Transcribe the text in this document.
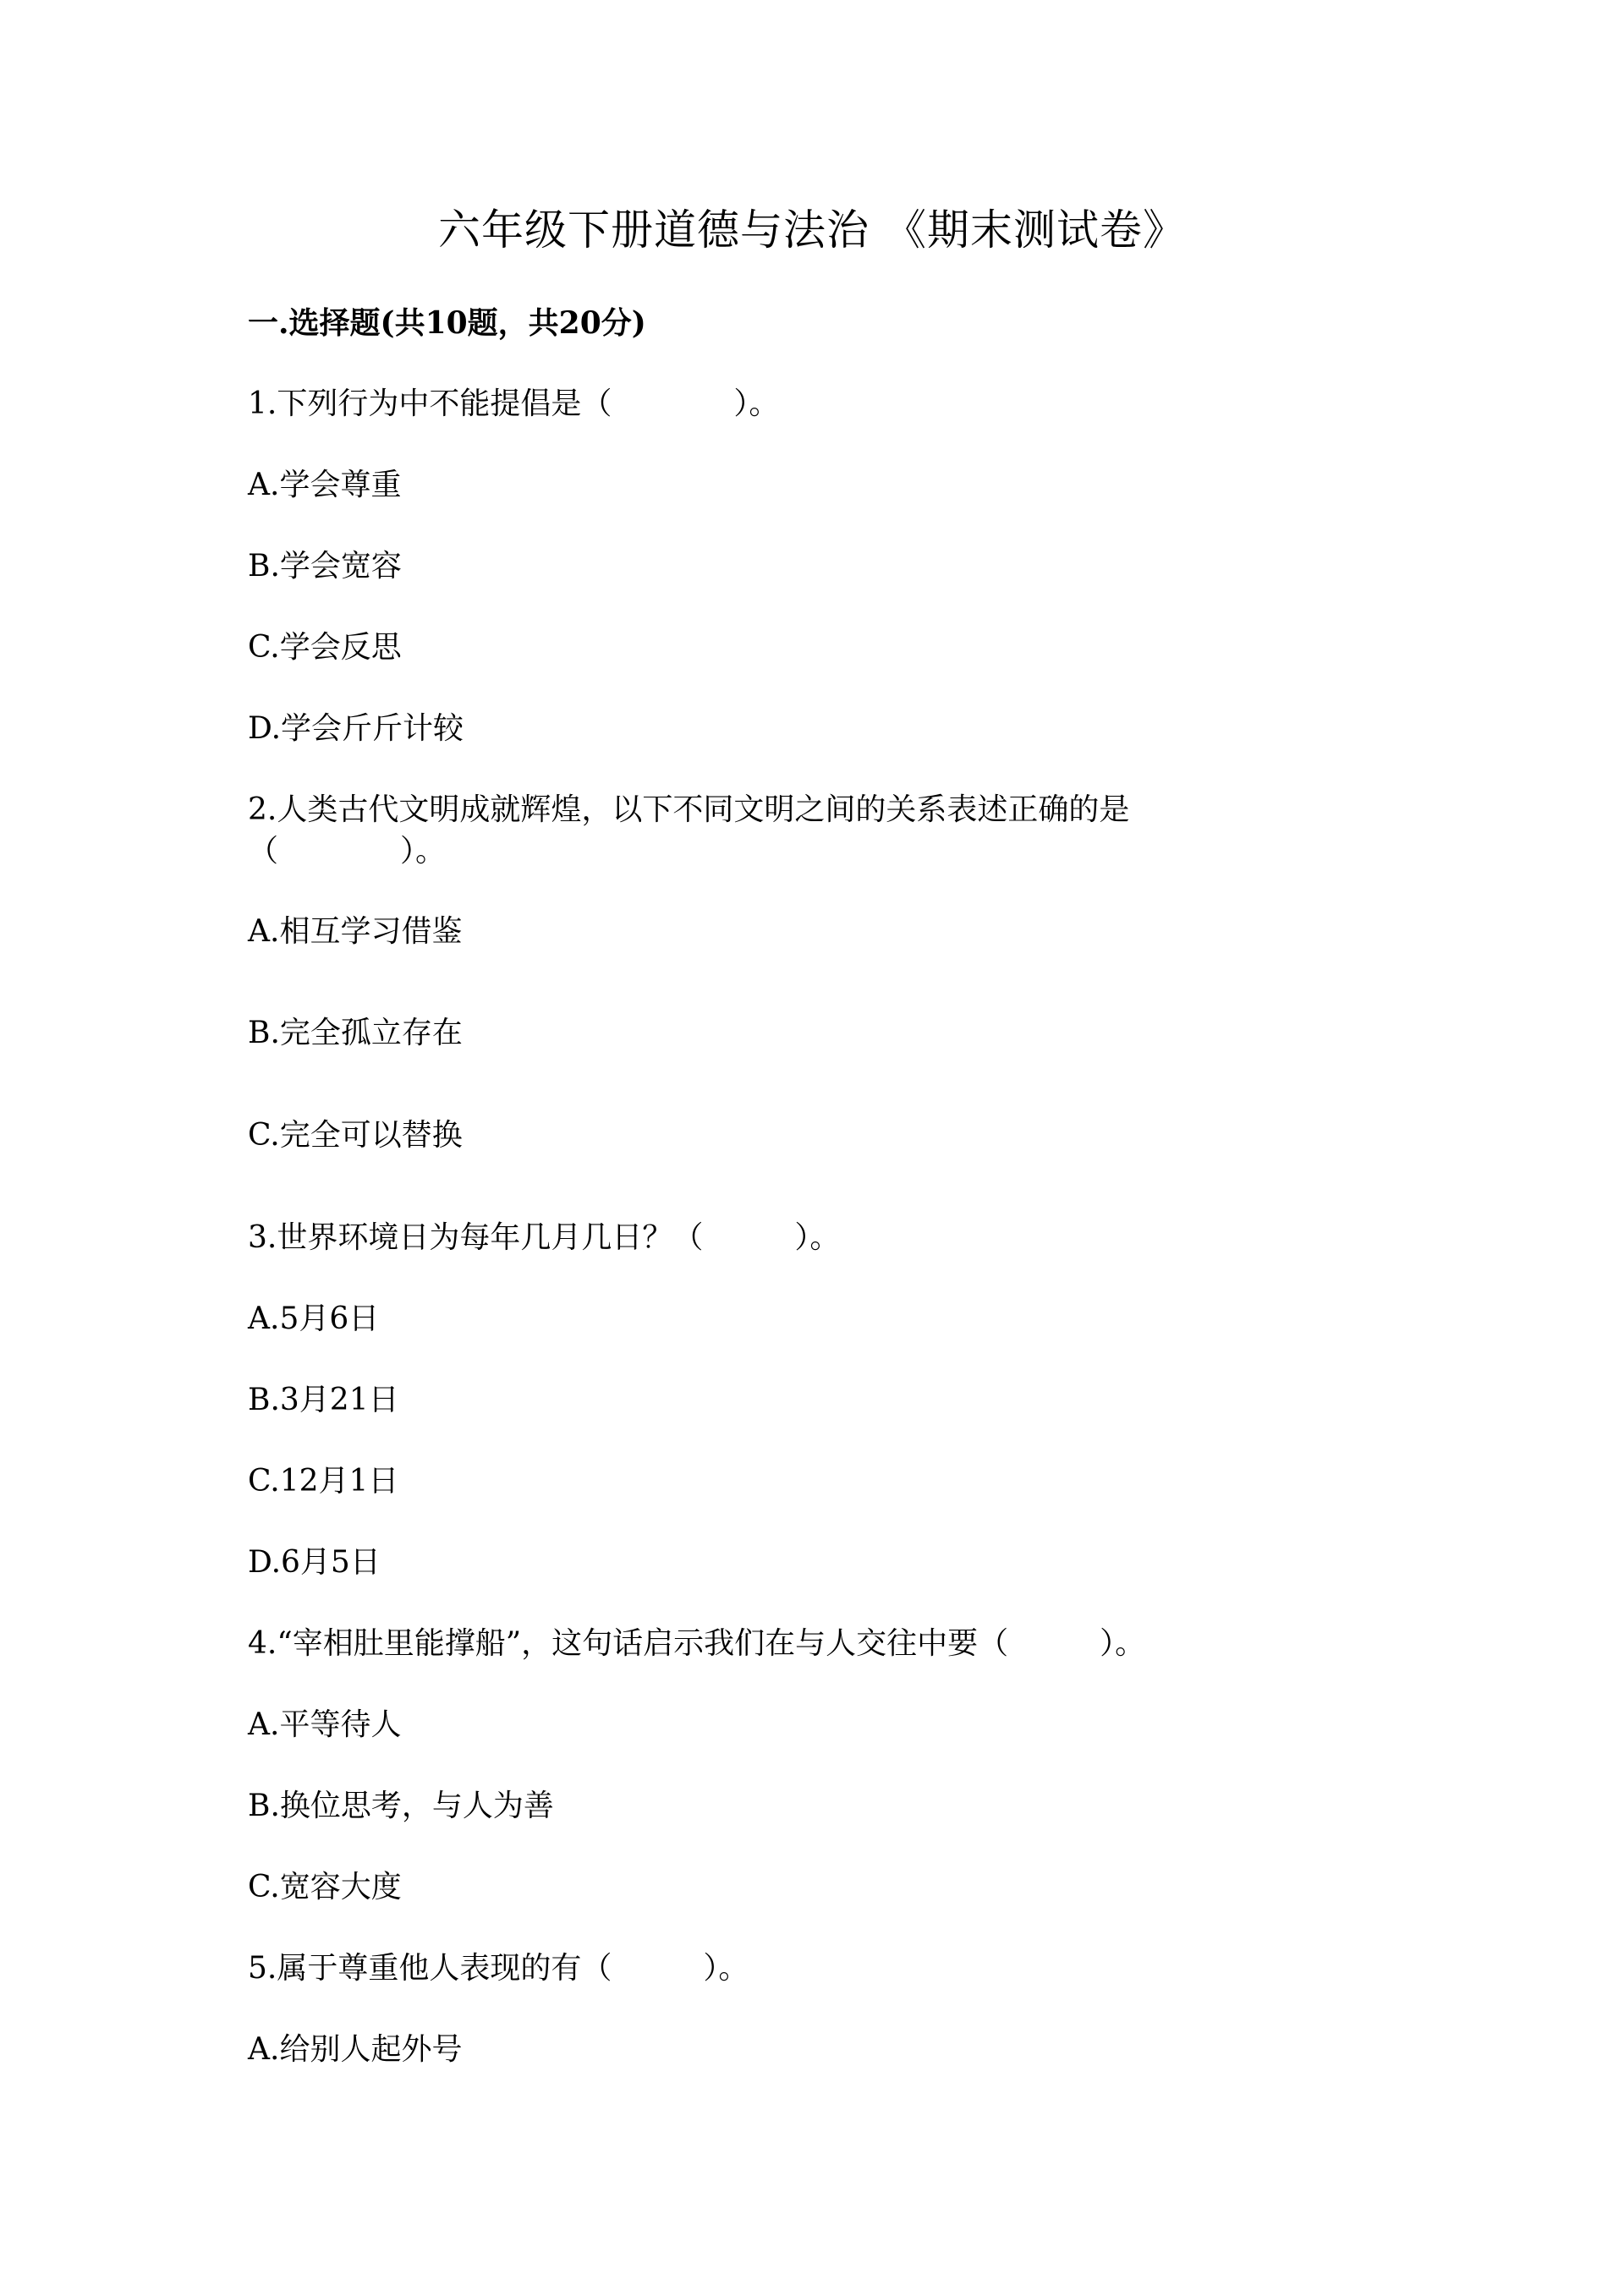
六年级下册道德与法治 《期末测试卷》
一.选择题(共10题，共20分)
1.下列行为中不能提倡是（　　　　）。
A.学会尊重
B.学会宽容
C.学会反思
D.学会斤斤计较
2.人类古代文明成就辉煌，以下不同文明之间的关系表述正确的是
（　　　　）。
A.相互学习借鉴
B.完全孤立存在
C.完全可以替换
3.世界环境日为每年几月几日？（　　　）。
A.5月6日
B.3月21日
C.12月1日
D.6月5日
4.“宰相肚里能撑船”，这句话启示我们在与人交往中要（　　　）。
A.平等待人
B.换位思考，与人为善
C.宽容大度
5.属于尊重他人表现的有（　　　）。
A.给别人起外号
